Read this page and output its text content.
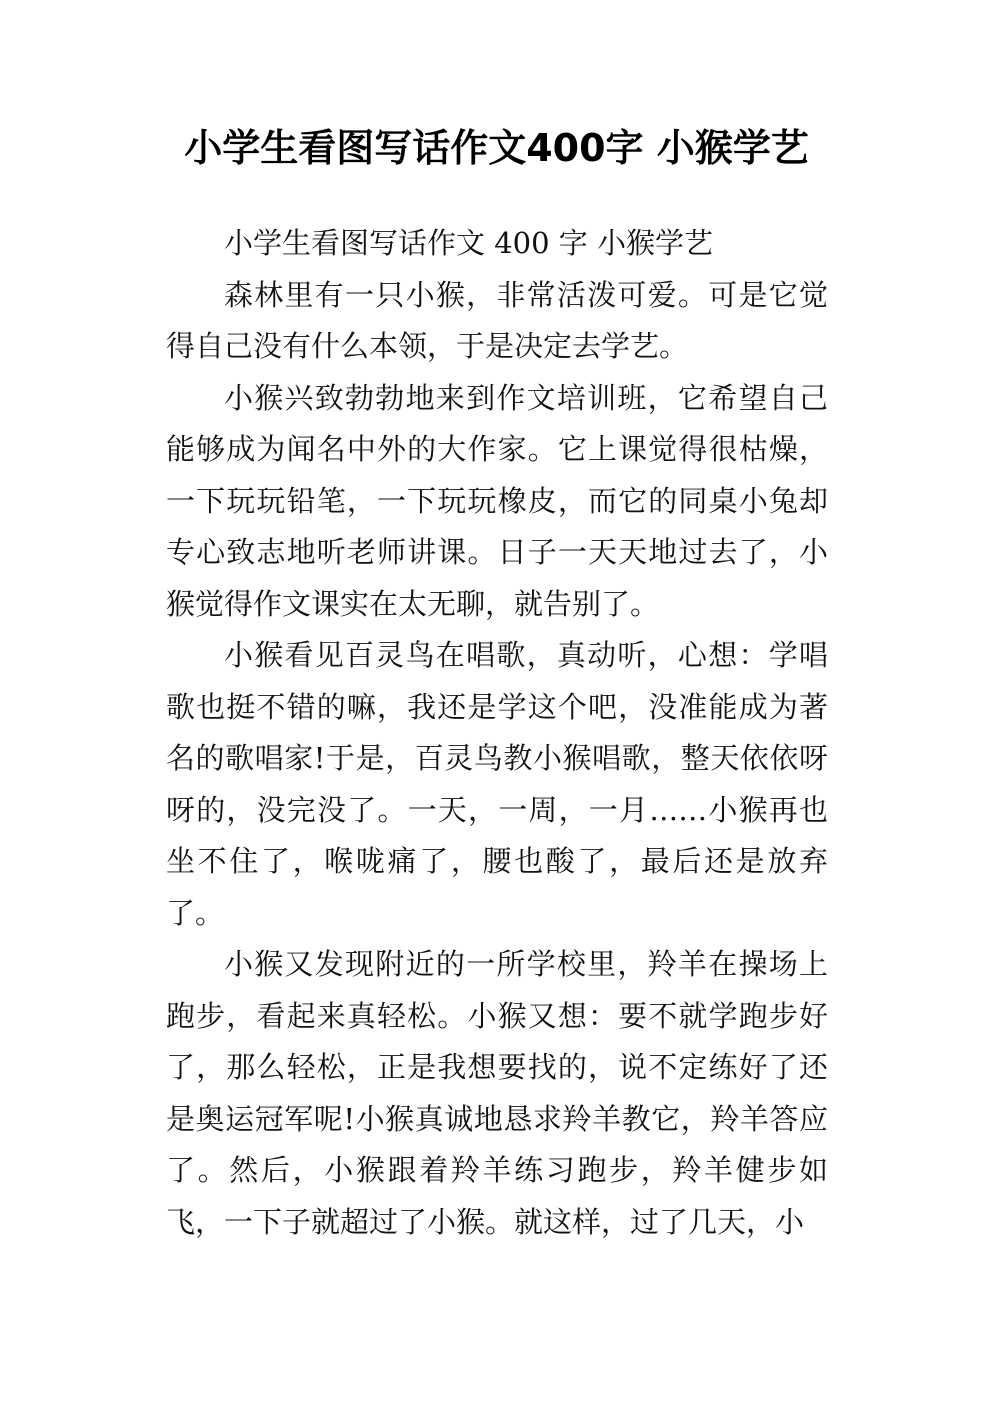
小学生看图写话作文400字 小猴学艺

小学生看图写话作文 400 字 小猴学艺

森林里有一只小猴，非常活泼可爱。可是它觉得自己没有什么本领，于是决定去学艺。

小猴兴致勃勃地来到作文培训班，它希望自己能够成为闻名中外的大作家。它上课觉得很枯燥，一下玩玩铅笔，一下玩玩橡皮，而它的同桌小兔却专心致志地听老师讲课。日子一天天地过去了，小猴觉得作文课实在太无聊，就告别了。

小猴看见百灵鸟在唱歌，真动听，心想：学唱歌也挺不错的嘛，我还是学这个吧，没准能成为著名的歌唱家!于是，百灵鸟教小猴唱歌，整天依依呀呀的，没完没了。一天，一周，一月……小猴再也坐不住了，喉咙痛了，腰也酸了，最后还是放弃了。

小猴又发现附近的一所学校里，羚羊在操场上跑步，看起来真轻松。小猴又想：要不就学跑步好了，那么轻松，正是我想要找的，说不定练好了还是奥运冠军呢!小猴真诚地恳求羚羊教它，羚羊答应了。然后，小猴跟着羚羊练习跑步，羚羊健步如飞，一下子就超过了小猴。就这样，过了几天，小
